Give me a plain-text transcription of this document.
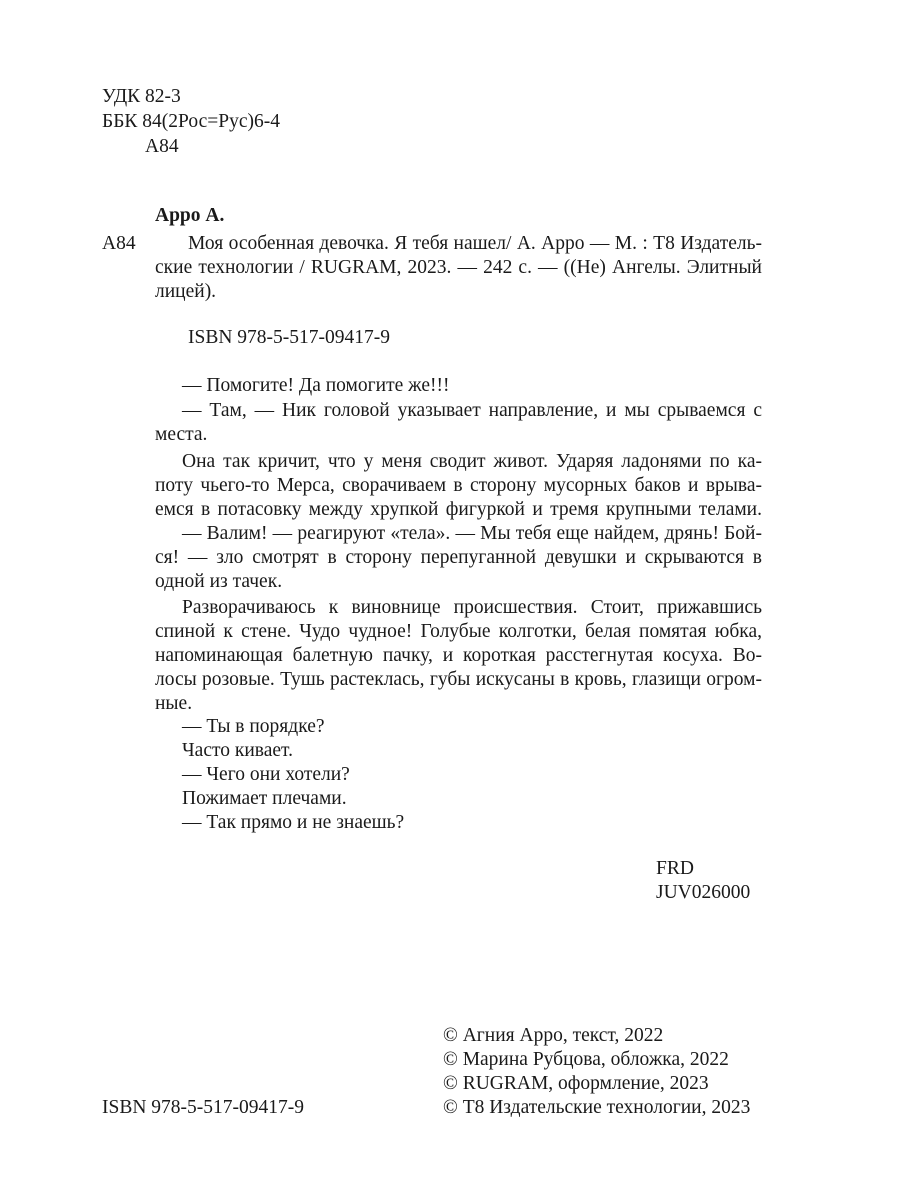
УДК 82-3
ББК 84(2Рос=Рус)6-4
А84
Арро А.
А84	Моя особенная девочка. Я тебя нашел/ А. Арро — М. : Т8 Издатель-
ские технологии / RUGRAM, 2023. — 242 с. — ((Не) Ангелы. Элитный
лицей).
ISBN 978-5-517-09417-9
— Помогите! Да помогите же!!!
— Там, — Ник головой указывает направление, и мы срываемся с
места.
Она так кричит, что у меня сводит живот. Ударяя ладонями по ка-
поту чьего-то Мерса, сворачиваем в сторону мусорных баков и врыва-
емся в потасовку между хрупкой фигуркой и тремя крупными телами.
— Валим! — реагируют «тела». — Мы тебя еще найдем, дрянь! Бой-
ся! — зло смотрят в сторону перепуганной девушки и скрываются в
одной из тачек.
Разворачиваюсь к виновнице происшествия. Стоит, прижавшись
спиной к стене. Чудо чудное! Голубые колготки, белая помятая юбка,
напоминающая балетную пачку, и короткая расстегнутая косуха. Во-
лосы розовые. Тушь растеклась, губы искусаны в кровь, глазищи огром-
ные.
— Ты в порядке?
Часто кивает.
— Чего они хотели?
Пожимает плечами.
— Так прямо и не знаешь?
FRD
JUV026000
© Агния Арро, текст, 2022
© Марина Рубцова, обложка, 2022
© RUGRAM, оформление, 2023
© Т8 Издательские технологии, 2023
ISBN 978-5-517-09417-9
